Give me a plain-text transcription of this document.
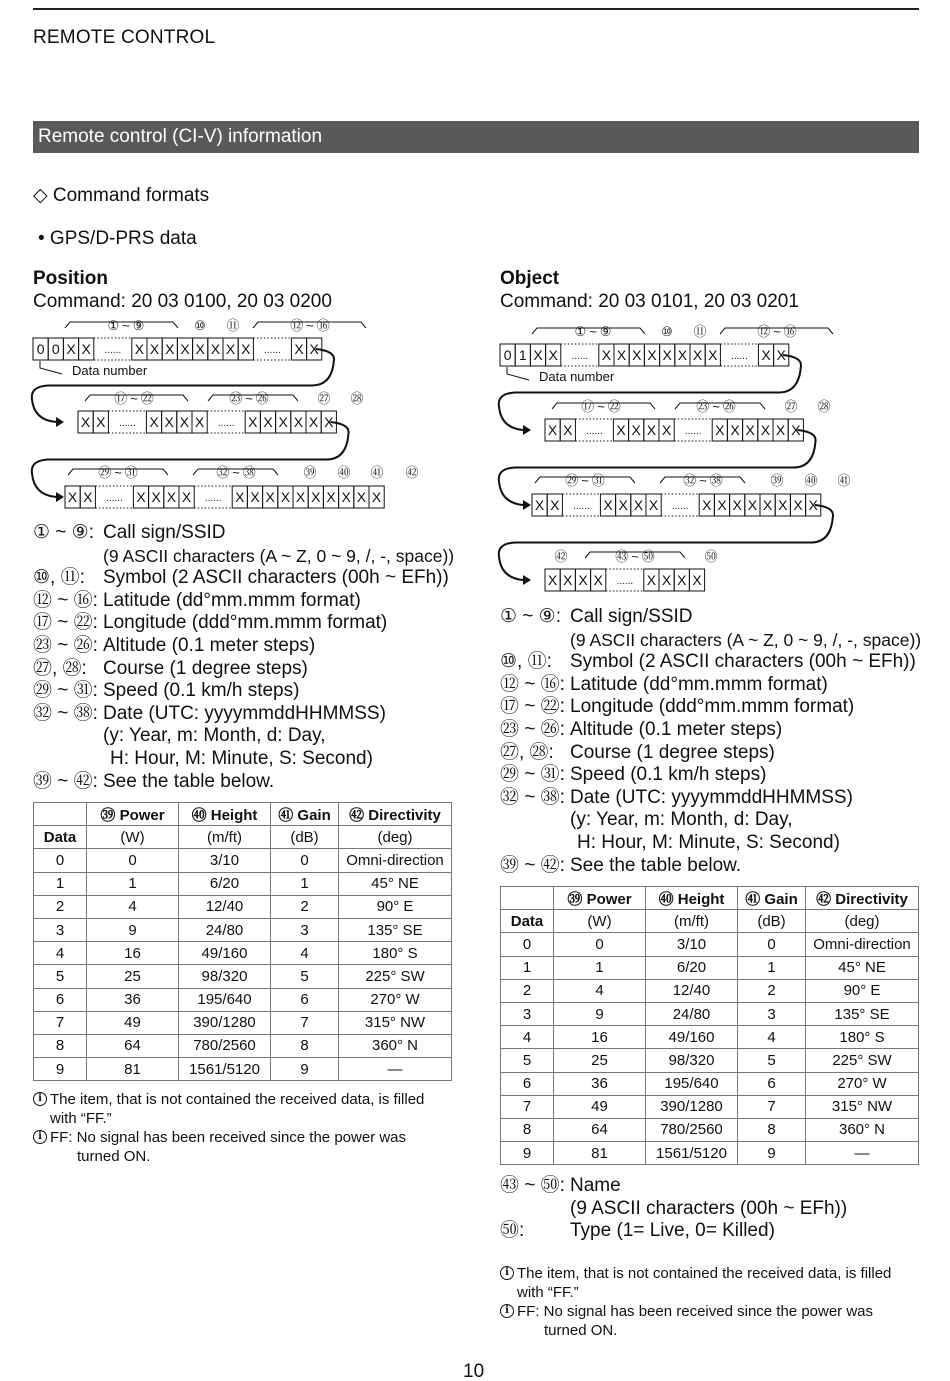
REMOTE CONTROL
Remote control (CI-V) information
◇ Command formats
• GPS/D-PRS data
Position
Command: 20 03 0100, 20 03 0200
0 0 X X ...... X X X X X X X X ...... X X
① ~ ⑨	⑩ ⑪	⑫ ~ ⑯
Data number
X X ...... X X X X ...... X X X X X X
⑰ ~ ㉒	㉓ ~ ㉖	㉗ ㉘
X X ...... X X X X ...... X X X X X X X X X X
㉙ ~ ㉛	㉜ ~ ㊳	㊴ ㊵ ㊶ ㊷
① ~ ⑨: Call sign/SSID
(9 ASCII characters (A ~ Z, 0 ~ 9, /, -, space))
⑩, ⑪: Symbol (2 ASCII characters (00h ~ EFh))
⑫ ~ ⑯: Latitude (dd°mm.mmm format)
⑰ ~ ㉒: Longitude (ddd°mm.mmm format)
㉓ ~ ㉖: Altitude (0.1 meter steps)
㉗, ㉘: Course (1 degree steps)
㉙ ~ ㉛: Speed (0.1 km/h steps)
㉜ ~ ㊳: Date (UTC: yyyymmddHHMMSS)
(y: Year, m: Month, d: Day,
H: Hour, M: Minute, S: Second)
㊴ ~ ㊷: See the table below.
	㊴ Power	㊵ Height	㊶ Gain	㊷ Directivity
Data	(W)	(m/ft)	(dB)	(deg)
0	0	3/10	0	Omni-direction
1	1	6/20	1	45° NE
2	4	12/40	2	90° E
3	9	24/80	3	135° SE
4	16	49/160	4	180° S
5	25	98/320	5	225° SW
6	36	195/640	6	270° W
7	49	390/1280	7	315° NW
8	64	780/2560	8	360° N
9	81	1561/5120	9	—
i The item, that is not contained the received data, is filled
with “FF.”
i FF: No signal has been received since the power was
turned ON.
Object
Command: 20 03 0101, 20 03 0201
0 1 X X ...... X X X X X X X X ...... X X
① ~ ⑨	⑩ ⑪	⑫ ~ ⑯
Data number
X X ...... X X X X ...... X X X X X X
⑰ ~ ㉒	㉓ ~ ㉖	㉗ ㉘
X X ...... X X X X ...... X X X X X X X X
㉙ ~ ㉛	㉜ ~ ㊳	㊴ ㊵ ㊶
X X X X ...... X X X X
㊷	㊸ ~ ㊿	㊿
① ~ ⑨: Call sign/SSID
(9 ASCII characters (A ~ Z, 0 ~ 9, /, -, space))
⑩, ⑪: Symbol (2 ASCII characters (00h ~ EFh))
⑫ ~ ⑯: Latitude (dd°mm.mmm format)
⑰ ~ ㉒: Longitude (ddd°mm.mmm format)
㉓ ~ ㉖: Altitude (0.1 meter steps)
㉗, ㉘: Course (1 degree steps)
㉙ ~ ㉛: Speed (0.1 km/h steps)
㉜ ~ ㊳: Date (UTC: yyyymmddHHMMSS)
(y: Year, m: Month, d: Day,
H: Hour, M: Minute, S: Second)
㊴ ~ ㊷: See the table below.
	㊴ Power	㊵ Height	㊶ Gain	㊷ Directivity
Data	(W)	(m/ft)	(dB)	(deg)
0	0	3/10	0	Omni-direction
1	1	6/20	1	45° NE
2	4	12/40	2	90° E
3	9	24/80	3	135° SE
4	16	49/160	4	180° S
5	25	98/320	5	225° SW
6	36	195/640	6	270° W
7	49	390/1280	7	315° NW
8	64	780/2560	8	360° N
9	81	1561/5120	9	—
㊸ ~ ㊿: Name
(9 ASCII characters (00h ~ EFh))
㊿:	Type (1= Live, 0= Killed)
i The item, that is not contained the received data, is filled
with “FF.”
i FF: No signal has been received since the power was
turned ON.
10
